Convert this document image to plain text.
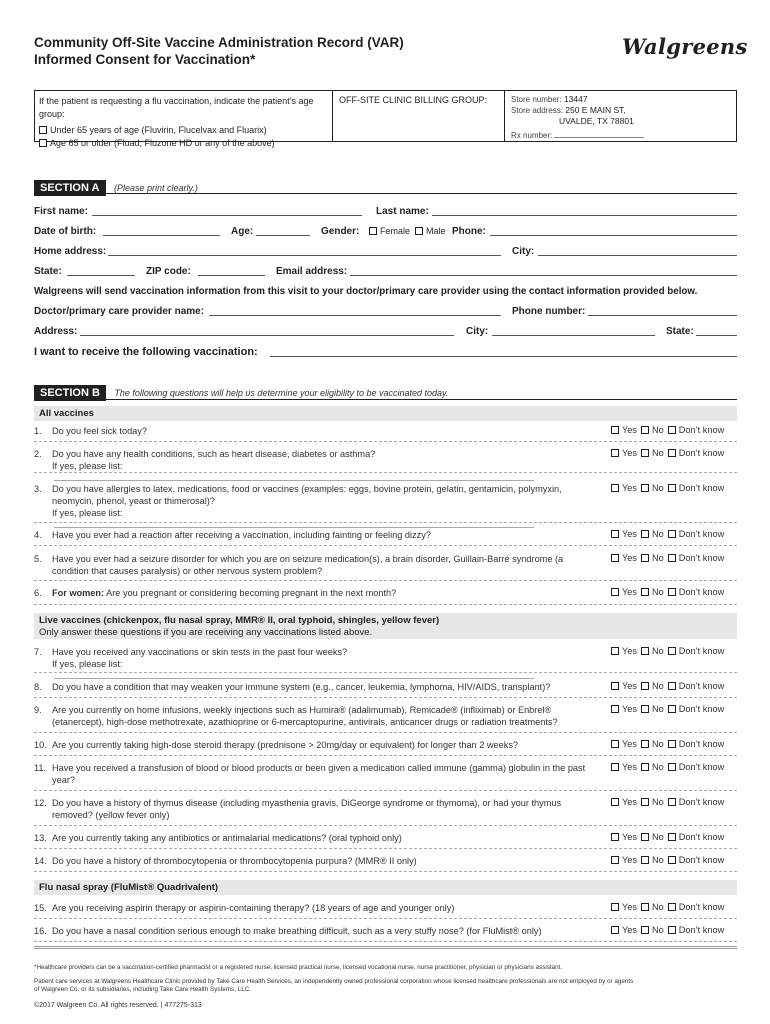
Community Off-Site Vaccine Administration Record (VAR)
Informed Consent for Vaccination*
Walgreens
If the patient is requesting a flu vaccination, indicate the patient’s age group:
Under 65 years of age (Fluvirin, Flucelvax and Fluarix)
Age 65 or older (Fluad, Fluzone HD or any of the above)
OFF-SITE CLINIC BILLING GROUP:	Store number: 13447
Store address: 250 E MAIN ST,
UVALDE, TX 78801
Rx number:
SECTION A (Please print clearly.)
First name:	Last name:
Date of birth:	Age:	Gender:	Female	Male Phone:
Home address:	City:
State:	ZIP code:	Email address:
Walgreens will send vaccination information from this visit to your doctor/primary care provider using the contact information provided below.
Doctor/primary care provider name:	Phone number:
Address:	City:	State:
I want to receive the following vaccination:
SECTION B The following questions will help us determine your eligibility to be vaccinated today.
All vaccines
1. Do you feel sick today?	Yes No Don’t know
2. Do you have any health conditions, such as heart disease, diabetes or asthma?
If yes, please list:
Yes No Don’t know
3. Do you have allergies to latex, medications, food or vaccines (examples: eggs, bovine protein, gelatin, gentamicin, polymyxin, neomycin, phenol, yeast or thimerosal)?
If yes, please list:
Yes No Don’t know
4. Have you ever had a reaction after receiving a vaccination, including fainting or feeling dizzy?	Yes No Don’t know
5. Have you ever had a seizure disorder for which you are on seizure medication(s), a brain disorder, Guillain-Barré syndrome (a condition that causes paralysis) or other nervous system problem?
Yes No Don’t know
6. For women: Are you pregnant or considering becoming pregnant in the next month?	Yes No Don’t know
7. Have you received any vaccinations or skin tests in the past four weeks?
If yes, please list:
Yes No Don’t know
8. Do you have a condition that may weaken your immune system (e.g., cancer, leukemia, lymphoma, HIV/AIDS, transplant)?	Yes No Don’t know
9. Are you currently on home infusions, weekly injections such as Humira® (adalimumab), Remicade® (infliximab) or Enbrel® (etanercept), high-dose methotrexate, azathioprine or 6-mercaptopurine, antivirals, anticancer drugs or radiation treatments?
Yes No Don’t know
10. Are you currently taking high-dose steroid therapy (prednisone > 20mg/day or equivalent) for longer than 2 weeks?	Yes No Don’t know
11. Have you received a transfusion of blood or blood products or been given a medication called immune (gamma) globulin in the past year?
Yes No Don’t know
12. Do you have a history of thymus disease (including myasthenia gravis, DiGeorge syndrome or thymoma), or had your thymus removed? (yellow fever only)
Yes No Don’t know
13. Are you currently taking any antibiotics or antimalarial medications? (oral typhoid only)	Yes No Don’t know
14. Do you have a history of thrombocytopenia or thrombocytopenia purpura? (MMR® II only)	Yes No Don’t know
15. Are you receiving aspirin therapy or aspirin-containing therapy? (18 years of age and younger only)	Yes No Don’t know
16. Do you have a nasal condition serious enough to make breathing difficult, such as a very stuffy nose? (for FluMist® only)	Yes No Don’t know
Live vaccines (chickenpox, flu nasal spray, MMR® II, oral typhoid, shingles, yellow fever)
Only answer these questions if you are receiving any vaccinations listed above.
Flu nasal spray (FluMist® Quadrivalent)
*Healthcare providers can be a vaccination-certified pharmacist or a registered nurse, licensed practical nurse, licensed vocational nurse, nurse practitioner, physician or physicians assistant.
Patient care services at Walgreens Healthcare Clinic provided by Take Care Health Services, an independently owned professional corporation whose licensed healthcare professionals are not employed by or agents
of Walgreen Co. or its subsidiaries, including Take Care Health Systems, LLC.
©2017 Walgreen Co. All rights reserved. | 477275-313
